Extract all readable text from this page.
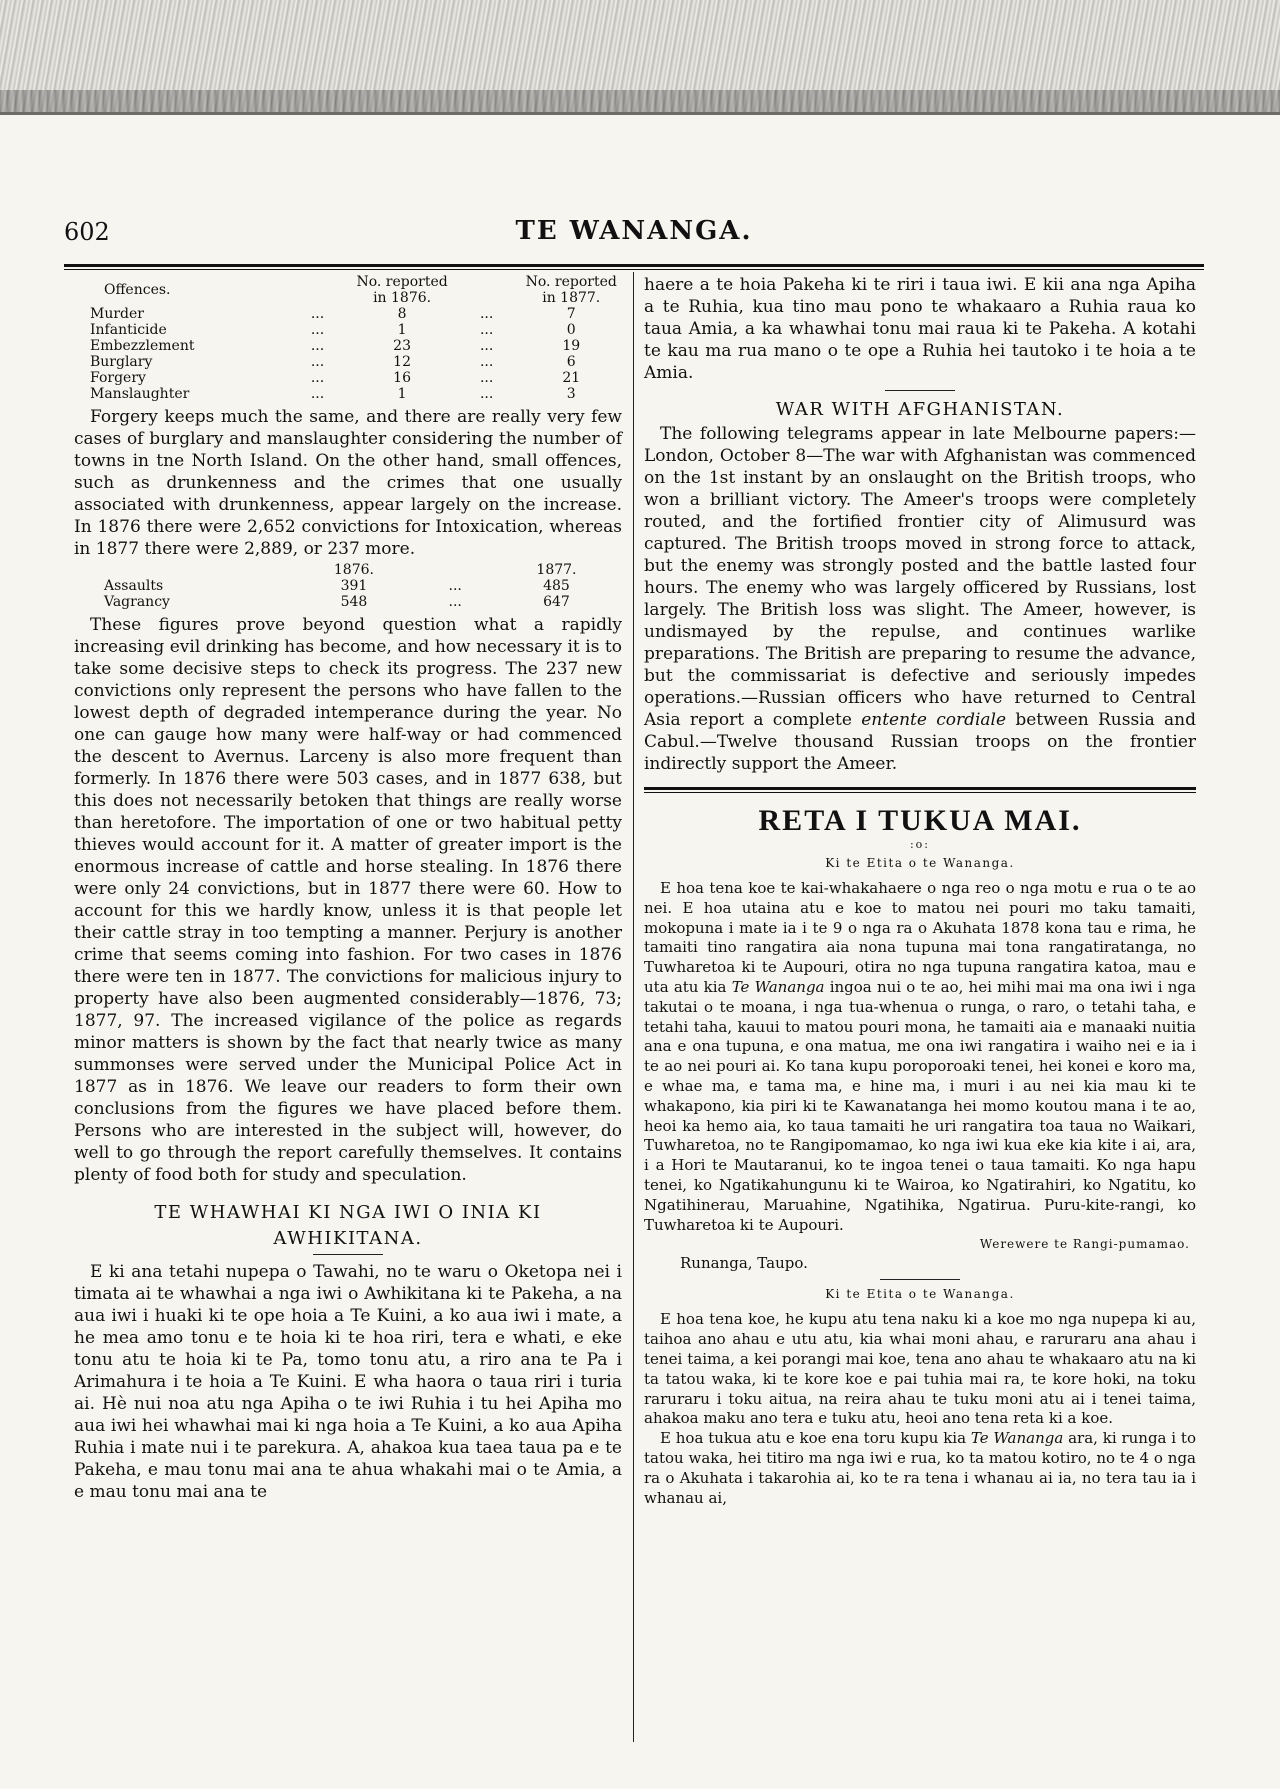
602	TE WANANGA.
Offences.		No. reported in 1876.		No. reported in 1877.
Murder	...	8	...	7
Infanticide	...	1	...	0
Embezzlement	...	23	...	19
Burglary	...	12	...	6
Forgery	...	16	...	21
Manslaughter	...	1	...	3

Forgery keeps much the same, and there are really very few cases of burglary and manslaughter considering the number of towns in tne North Island. On the other hand, small offences, such as drunkenness and the crimes that one usually associated with drunkenness, appear largely on the increase. In 1876 there were 2,652 convictions for Intoxication, whereas in 1877 there were 2,889, or 237 more.

	1876.		1877.
Assaults	391	...	485
Vagrancy	548	...	647

These figures prove beyond question what a rapidly increasing evil drinking has become, and how necessary it is to take some decisive steps to check its progress. The 237 new convictions only represent the persons who have fallen to the lowest depth of degraded intemperance during the year. No one can gauge how many were half-way or had commenced the descent to Avernus. Larceny is also more frequent than formerly. In 1876 there were 503 cases, and in 1877 638, but this does not necessarily betoken that things are really worse than heretofore. The importation of one or two habitual petty thieves would account for it. A matter of greater import is the enormous increase of cattle and horse stealing. In 1876 there were only 24 convictions, but in 1877 there were 60. How to account for this we hardly know, unless it is that people let their cattle stray in too tempting a manner. Perjury is another crime that seems coming into fashion. For two cases in 1876 there were ten in 1877. The convictions for malicious injury to property have also been augmented considerably—1876, 73; 1877, 97. The increased vigilance of the police as regards minor matters is shown by the fact that nearly twice as many summonses were served under the Municipal Police Act in 1877 as in 1876. We leave our readers to form their own conclusions from the figures we have placed before them. Persons who are interested in the subject will, however, do well to go through the report carefully themselves. It contains plenty of food both for study and speculation.

TE WHAWHAI KI NGA IWI O INIA KI
AWHIKITANA.

E ki ana tetahi nupepa o Tawahi, no te waru o Oketopa nei i timata ai te whawhai a nga iwi o Awhikitana ki te Pakeha, a na aua iwi i huaki ki te ope hoia a Te Kuini, a ko aua iwi i mate, a he mea amo tonu e te hoia ki te hoa riri, tera e whati, e eke tonu atu te hoia ki te Pa, tomo tonu atu, a riro ana te Pa i Arimahura i te hoia a Te Kuini. E wha haora o taua riri i turia ai. Hè nui noa atu nga Apiha o te iwi Ruhia i tu hei Apiha mo aua iwi hei whawhai mai ki nga hoia a Te Kuini, a ko aua Apiha Ruhia i mate nui i te parekura. A, ahakoa kua taea taua pa e te Pakeha, e mau tonu mai ana te ahua whakahi mai o te Amia, a e mau tonu mai ana te

haere a te hoia Pakeha ki te riri i taua iwi. E kii ana nga Apiha a te Ruhia, kua tino mau pono te whakaaro a Ruhia raua ko taua Amia, a ka whawhai tonu mai raua ki te Pakeha. A kotahi te kau ma rua mano o te ope a Ruhia hei tautoko i te hoia a te Amia.

WAR WITH AFGHANISTAN.

The following telegrams appear in late Melbourne papers:—London, October 8—The war with Afghanistan was commenced on the 1st instant by an onslaught on the British troops, who won a brilliant victory. The Ameer's troops were completely routed, and the fortified frontier city of Alimusurd was captured. The British troops moved in strong force to attack, but the enemy was strongly posted and the battle lasted four hours. The enemy who was largely officered by Russians, lost largely. The British loss was slight. The Ameer, however, is undismayed by the repulse, and continues warlike preparations. The British are preparing to resume the advance, but the commissariat is defective and seriously impedes operations.—Russian officers who have returned to Central Asia report a complete entente cordiale between Russia and Cabul.—Twelve thousand Russian troops on the frontier indirectly support the Ameer.

RETA I TUKUA MAI.
:o:
Ki te Etita o te Wananga.

E hoa tena koe te kai-whakahaere o nga reo o nga motu e rua o te ao nei. E hoa utaina atu e koe to matou nei pouri mo taku tamaiti, mokopuna i mate ia i te 9 o nga ra o Akuhata 1878 kona tau e rima, he tamaiti tino rangatira aia nona tupuna mai tona rangatiratanga, no Tuwharetoa ki te Aupouri, otira no nga tupuna rangatira katoa, mau e uta atu kia Te Wananga ingoa nui o te ao, hei mihi mai ma ona iwi i nga takutai o te moana, i nga tua-whenua o runga, o raro, o tetahi taha, e tetahi taha, kauui to matou pouri mona, he tamaiti aia e manaaki nuitia ana e ona tupuna, e ona matua, me ona iwi rangatira i waiho nei e ia i te ao nei pouri ai. Ko tana kupu poroporoaki tenei, hei konei e koro ma, e whae ma, e tama ma, e hine ma, i muri i au nei kia mau ki te whakapono, kia piri ki te Kawanatanga hei momo koutou mana i te ao, heoi ka hemo aia, ko taua tamaiti he uri rangatira toa taua no Waikari, Tuwharetoa, no te Rangipomamao, ko nga iwi kua eke kia kite i ai, ara, i a Hori te Mautaranui, ko te ingoa tenei o taua tamaiti. Ko nga hapu tenei, ko Ngatikahungunu ki te Wairoa, ko Ngatirahiri, ko Ngatitu, ko Ngatihinerau, Maruahine, Ngatihika, Ngatirua. Puru-kite-rangi, ko Tuwharetoa ki te Aupouri.

Werewere te Rangi-pumamao.
Runanga, Taupo.
Ki te Etita o te Wananga.

E hoa tena koe, he kupu atu tena naku ki a koe mo nga nupepa ki au, taihoa ano ahau e utu atu, kia whai moni ahau, e raruraru ana ahau i tenei taima, a kei porangi mai koe, tena ano ahau te whakaaro atu na ki ta tatou waka, ki te kore koe e pai tuhia mai ra, te kore hoki, na toku raruraru i toku aitua, na reira ahau te tuku moni atu ai i tenei taima, ahakoa maku ano tera e tuku atu, heoi ano tena reta ki a koe.

E hoa tukua atu e koe ena toru kupu kia Te Wananga ara, ki runga i to tatou waka, hei titiro ma nga iwi e rua, ko ta matou kotiro, no te 4 o nga ra o Akuhata i takarohia ai, ko te ra tena i whanau ai ia, no tera tau ia i whanau ai,
